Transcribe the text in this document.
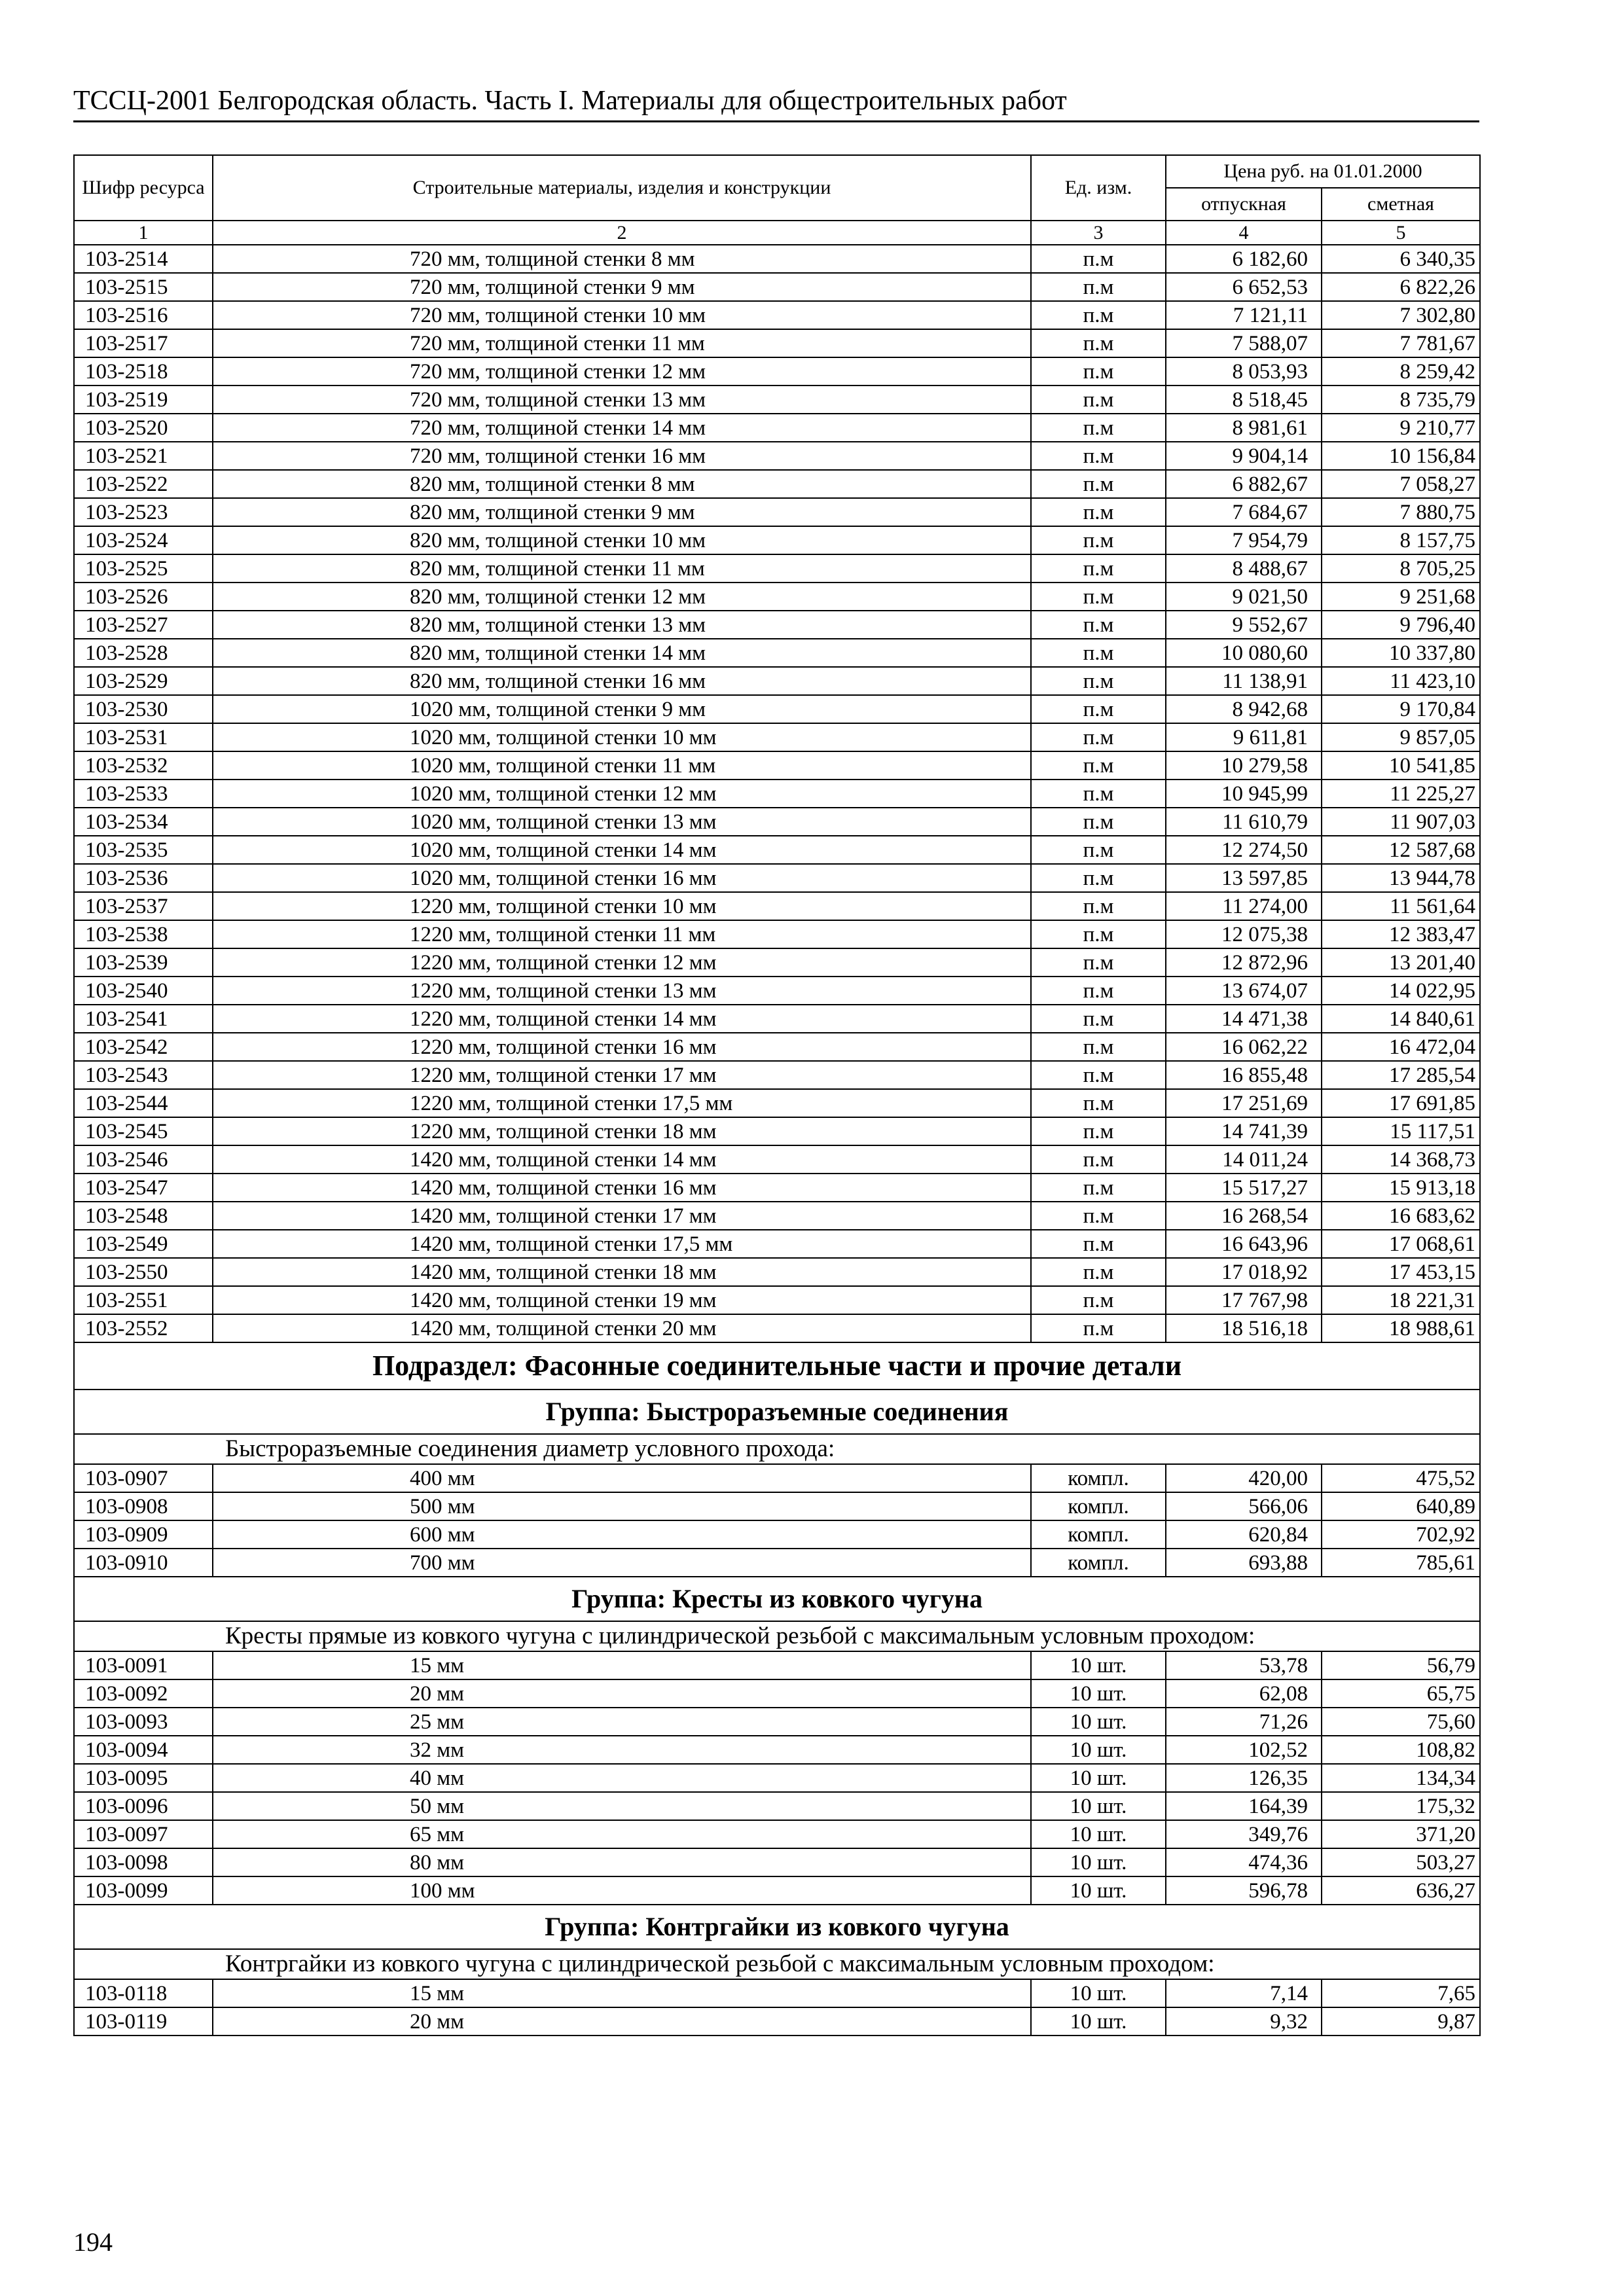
ТССЦ-2001 Белгородская область. Часть I. Материалы для общестроительных работ
Шифр ресурса	Строительные материалы, изделия и конструкции	Ед. изм.	Цена руб. на 01.01.2000	
			отпускная	сметная
1	2	3	4	5
103-2514	720 мм, толщиной стенки 8 мм	п.м	6 182,60	6 340,35
103-2515	720 мм, толщиной стенки 9 мм	п.м	6 652,53	6 822,26
103-2516	720 мм, толщиной стенки 10 мм	п.м	7 121,11	7 302,80
103-2517	720 мм, толщиной стенки 11 мм	п.м	7 588,07	7 781,67
103-2518	720 мм, толщиной стенки 12 мм	п.м	8 053,93	8 259,42
103-2519	720 мм, толщиной стенки 13 мм	п.м	8 518,45	8 735,79
103-2520	720 мм, толщиной стенки 14 мм	п.м	8 981,61	9 210,77
103-2521	720 мм, толщиной стенки 16 мм	п.м	9 904,14	10 156,84
103-2522	820 мм, толщиной стенки 8 мм	п.м	6 882,67	7 058,27
103-2523	820 мм, толщиной стенки 9 мм	п.м	7 684,67	7 880,75
103-2524	820 мм, толщиной стенки 10 мм	п.м	7 954,79	8 157,75
103-2525	820 мм, толщиной стенки 11 мм	п.м	8 488,67	8 705,25
103-2526	820 мм, толщиной стенки 12 мм	п.м	9 021,50	9 251,68
103-2527	820 мм, толщиной стенки 13 мм	п.м	9 552,67	9 796,40
103-2528	820 мм, толщиной стенки 14 мм	п.м	10 080,60	10 337,80
103-2529	820 мм, толщиной стенки 16 мм	п.м	11 138,91	11 423,10
103-2530	1020 мм, толщиной стенки 9 мм	п.м	8 942,68	9 170,84
103-2531	1020 мм, толщиной стенки 10 мм	п.м	9 611,81	9 857,05
103-2532	1020 мм, толщиной стенки 11 мм	п.м	10 279,58	10 541,85
103-2533	1020 мм, толщиной стенки 12 мм	п.м	10 945,99	11 225,27
103-2534	1020 мм, толщиной стенки 13 мм	п.м	11 610,79	11 907,03
103-2535	1020 мм, толщиной стенки 14 мм	п.м	12 274,50	12 587,68
103-2536	1020 мм, толщиной стенки 16 мм	п.м	13 597,85	13 944,78
103-2537	1220 мм, толщиной стенки 10 мм	п.м	11 274,00	11 561,64
103-2538	1220 мм, толщиной стенки 11 мм	п.м	12 075,38	12 383,47
103-2539	1220 мм, толщиной стенки 12 мм	п.м	12 872,96	13 201,40
103-2540	1220 мм, толщиной стенки 13 мм	п.м	13 674,07	14 022,95
103-2541	1220 мм, толщиной стенки 14 мм	п.м	14 471,38	14 840,61
103-2542	1220 мм, толщиной стенки 16 мм	п.м	16 062,22	16 472,04
103-2543	1220 мм, толщиной стенки 17 мм	п.м	16 855,48	17 285,54
103-2544	1220 мм, толщиной стенки 17,5 мм	п.м	17 251,69	17 691,85
103-2545	1220 мм, толщиной стенки 18 мм	п.м	14 741,39	15 117,51
103-2546	1420 мм, толщиной стенки 14 мм	п.м	14 011,24	14 368,73
103-2547	1420 мм, толщиной стенки 16 мм	п.м	15 517,27	15 913,18
103-2548	1420 мм, толщиной стенки 17 мм	п.м	16 268,54	16 683,62
103-2549	1420 мм, толщиной стенки 17,5 мм	п.м	16 643,96	17 068,61
103-2550	1420 мм, толщиной стенки 18 мм	п.м	17 018,92	17 453,15
103-2551	1420 мм, толщиной стенки 19 мм	п.м	17 767,98	18 221,31
103-2552	1420 мм, толщиной стенки 20 мм	п.м	18 516,18	18 988,61
Подраздел: Фасонные соединительные части и прочие детали				
Группа: Быстроразъемные соединения				
Быстроразъемные соединения диаметр условного прохода:				
103-0907	400 мм	компл.	420,00	475,52
103-0908	500 мм	компл.	566,06	640,89
103-0909	600 мм	компл.	620,84	702,92
103-0910	700 мм	компл.	693,88	785,61
Группа: Кресты из ковкого чугуна				
Кресты прямые из ковкого чугуна с цилиндрической резьбой с максимальным условным проходом:				
103-0091	15 мм	10 шт.	53,78	56,79
103-0092	20 мм	10 шт.	62,08	65,75
103-0093	25 мм	10 шт.	71,26	75,60
103-0094	32 мм	10 шт.	102,52	108,82
103-0095	40 мм	10 шт.	126,35	134,34
103-0096	50 мм	10 шт.	164,39	175,32
103-0097	65 мм	10 шт.	349,76	371,20
103-0098	80 мм	10 шт.	474,36	503,27
103-0099	100 мм	10 шт.	596,78	636,27
Группа: Контргайки из ковкого чугуна				
Контргайки из ковкого чугуна с цилиндрической резьбой с максимальным условным проходом:				
103-0118	15 мм	10 шт.	7,14	7,65
103-0119	20 мм	10 шт.	9,32	9,87
194
